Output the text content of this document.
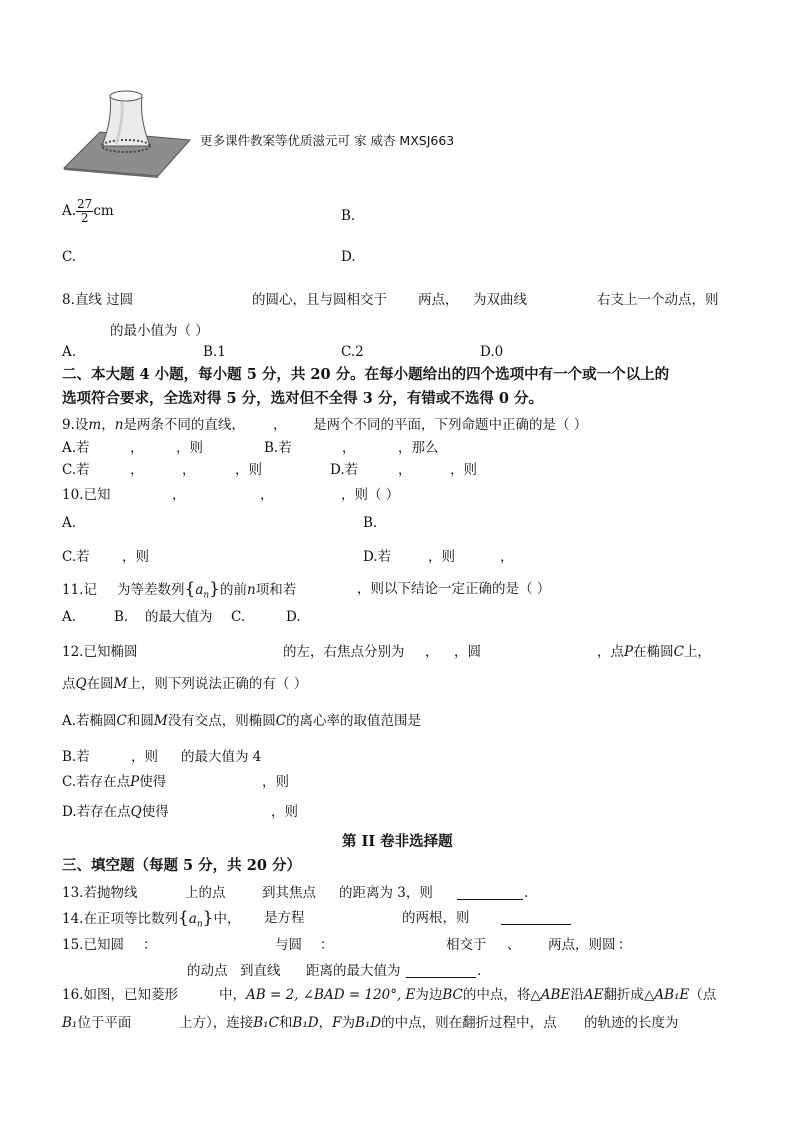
更多课件教案等优质滋元可 家 威杏 MXSJ663
A. $\frac{27}{2}$ cm	B.
C.	D.
8.直线 过圆	的圆心，且与圆相交于 两点， 为双曲线	右支上一个动点，则
的最小值为（ ）
A.	B.1	C.2	D.0
二、本大题 4 小题，每小题 5 分，共 20 分。在每小题给出的四个选项中有一个或一个以上的
选项符合要求，全选对得 5 分，选对但不全得 3 分，有错或不选得 0 分。
9.设m，n是两条不同的直线， ， 是两个不同的平面，下列命题中正确的是（ ）
A.若	， ，则	B.若	，	，那么
C.若	，	，	，则	D.若	，	，则
10.已知	，	，	，则（ ）
A.	B.
C.若 ，则	D.若	，则	，
11.记 为等差数列$\{a_n\}$的前n项和若	，则以下结论一定正确的是（ ）
A.	B. 的最大值为 C.	D.
12.已知椭圆	的左，右焦点分别为 ， ，圆	，点P在椭圆C上，
点Q在圆M上，则下列说法正确的有（ ）
A.若椭圆C和圆M没有交点，则椭圆C的离心率的取值范围是
B.若	，则 的最大值为 4
C.若存在点P使得	，则
D.若存在点Q使得	，则
第 II 卷非选择题
三、填空题（每题 5 分，共 20 分）
13.若抛物线	上的点	到其焦点 的距离为 3，则	.
14.在正项等比数列$\{a_n\}$中， 是方程	的两根，则
15.已知圆 ：	与圆 ：	相交于 、 两点，则圆 ：
的动点 到直线 距离的最大值为	.
16.如图，已知菱形	中，AB = 2, ∠BAD = 120°, E为边BC的中点，将△ABE沿AE翻折成△AB₁E（点
B₁位于平面	上方），连接B₁C和B₁D，F为B₁D的中点，则在翻折过程中，点 的轨迹的长度为
